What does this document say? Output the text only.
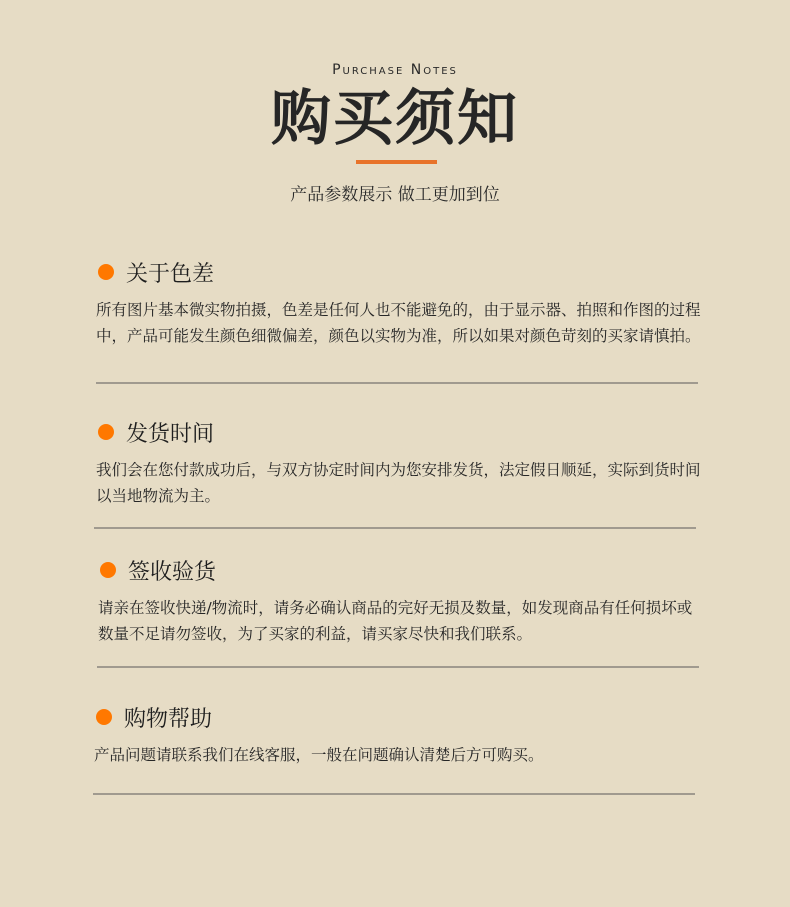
Purchase Notes
购买须知
产品参数展示 做工更加到位
关于色差
所有图片基本微实物拍摄，色差是任何人也不能避免的，由于显示器、拍照和作图的过程中，产品可能发生颜色细微偏差，颜色以实物为准，所以如果对颜色苛刻的买家请慎拍。
发货时间
我们会在您付款成功后，与双方协定时间内为您安排发货，法定假日顺延，实际到货时间以当地物流为主。
签收验货
请亲在签收快递/物流时，请务必确认商品的完好无损及数量，如发现商品有任何损坏或数量不足请勿签收，为了买家的利益，请买家尽快和我们联系。
购物帮助
产品问题请联系我们在线客服，一般在问题确认清楚后方可购买。
